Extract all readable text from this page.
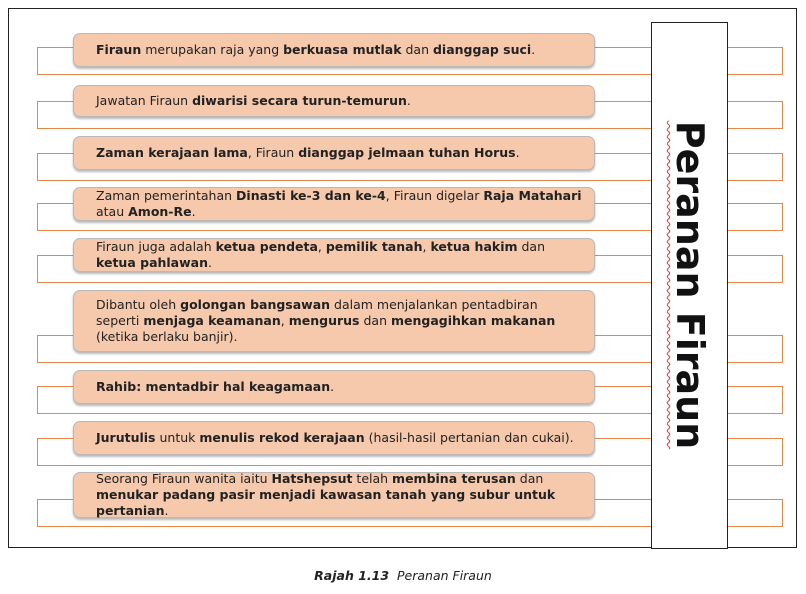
Firaun merupakan raja yang berkuasa mutlak dan dianggap suci.

Jawatan Firaun diwarisi secara turun-temurun.

Zaman kerajaan lama, Firaun dianggap jelmaan tuhan Horus.

Zaman pemerintahan Dinasti ke-3 dan ke-4, Firaun digelar Raja Matahari atau Amon-Re.

Firaun juga adalah ketua pendeta, pemilik tanah, ketua hakim dan ketua pahlawan.

Dibantu oleh golongan bangsawan dalam menjalankan pentadbiran seperti menjaga keamanan, mengurus dan mengagihkan makanan (ketika berlaku banjir).

Rahib: mentadbir hal keagamaan.

Jurutulis untuk menulis rekod kerajaan (hasil-hasil pertanian dan cukai).

Seorang Firaun wanita iaitu Hatshepsut telah membina terusan dan menukar padang pasir menjadi kawasan tanah yang subur untuk pertanian.

Peranan Firaun
Rajah 1.13 Peranan Firaun
